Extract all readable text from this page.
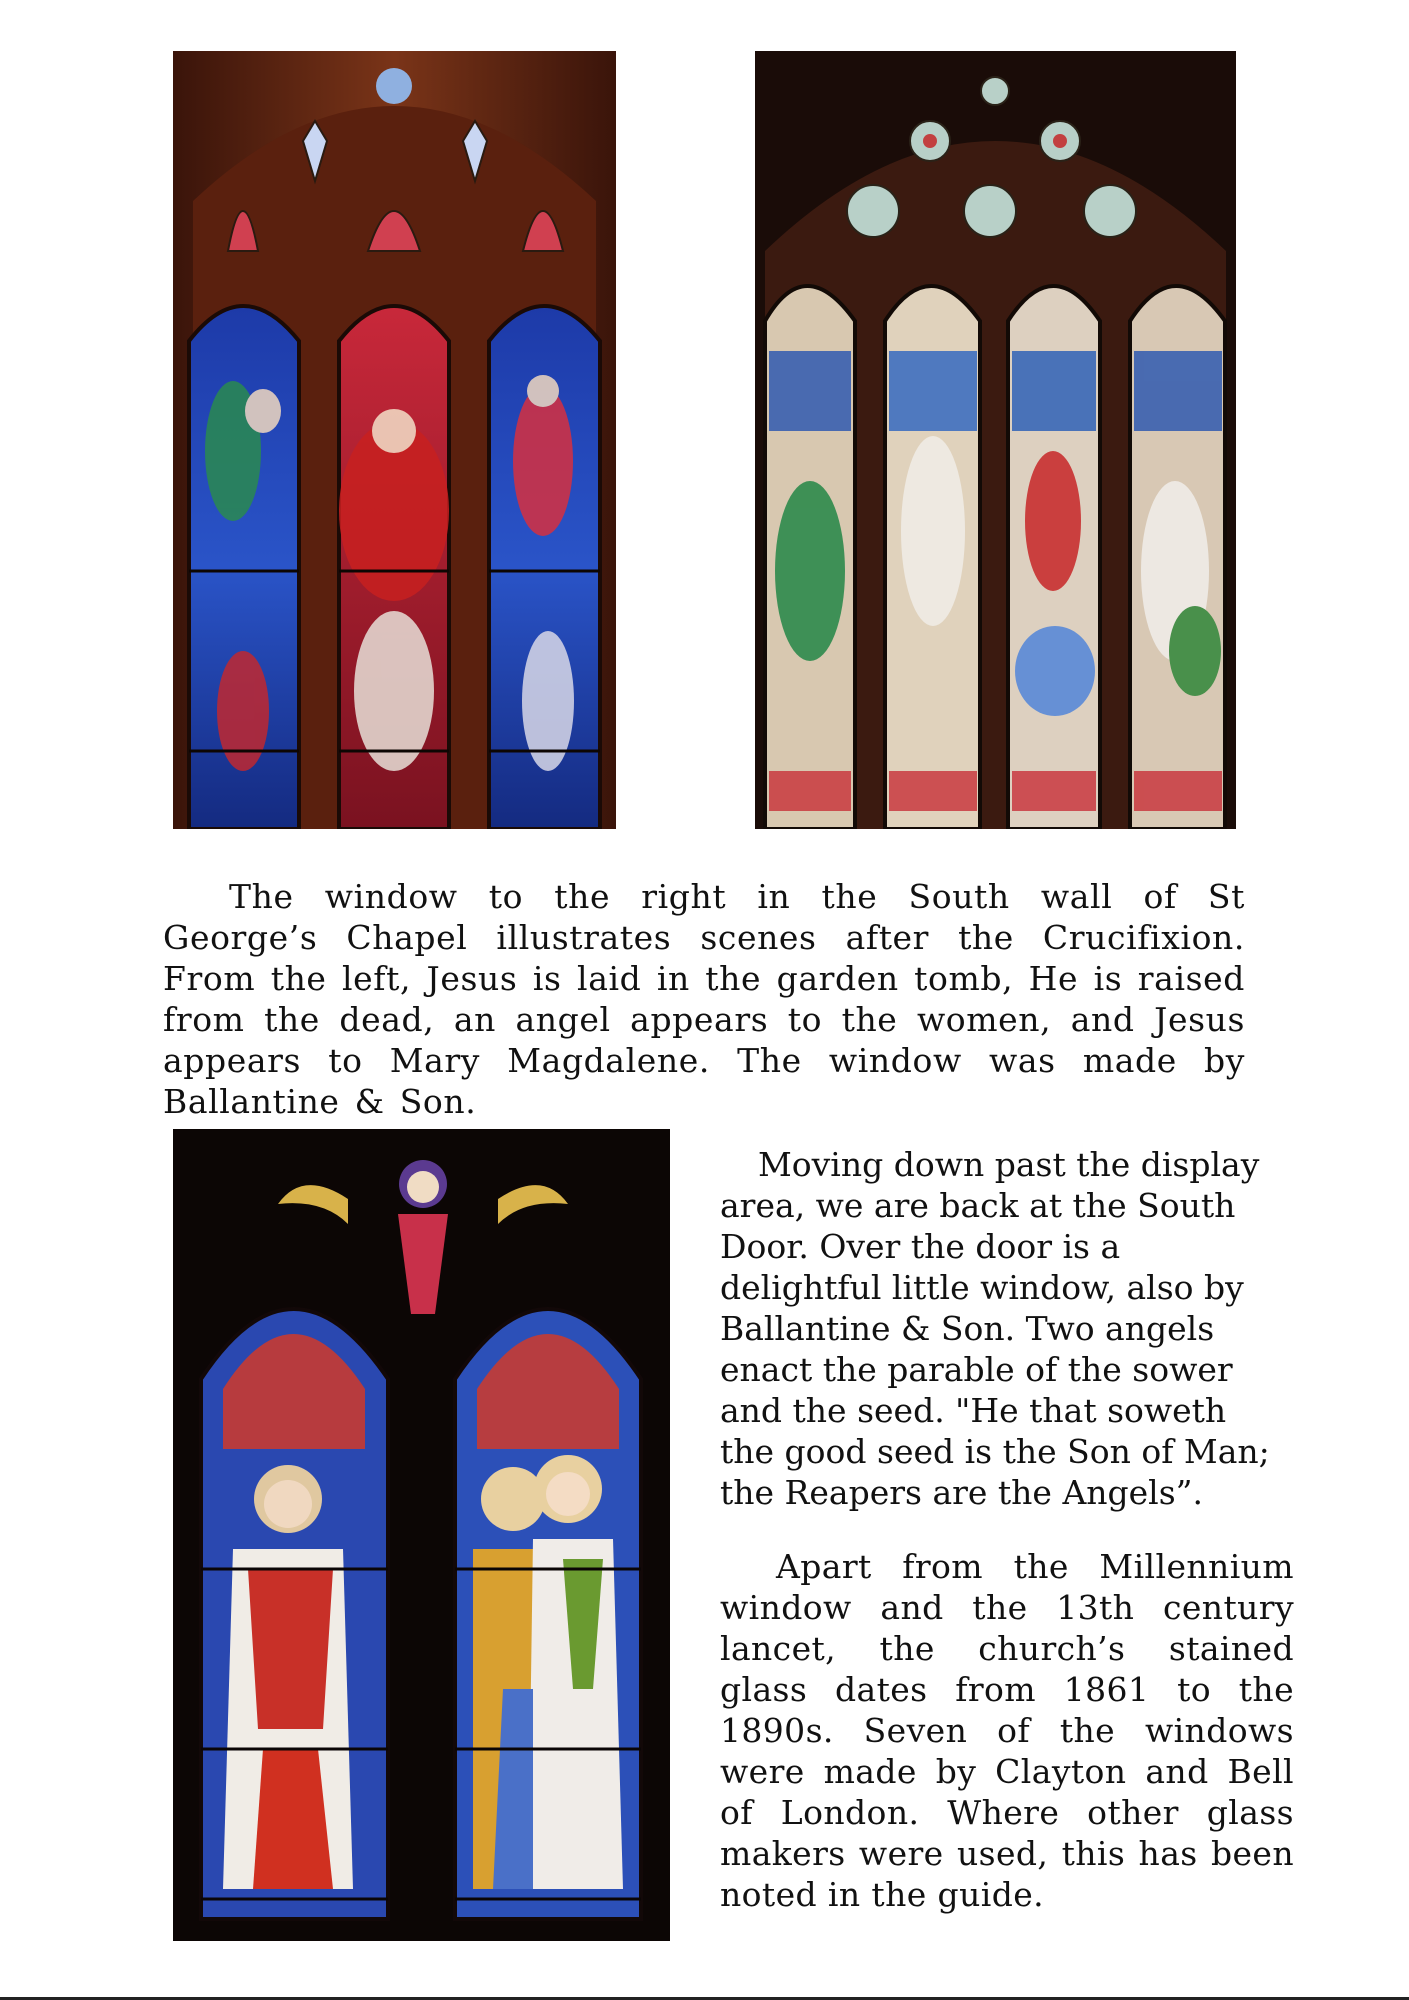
The window to the right in the South wall of St George’s Chapel illustrates scenes after the Crucifixion. From the left, Jesus is laid in the garden tomb, He is raised from the dead, an angel appears to the women, and Jesus appears to Mary Magdalene. The window was made by Ballantine & Son.

Moving down past the display area, we are back at the South Door. Over the door is a delightful little window, also by Ballantine & Son. Two angels enact the parable of the sower and the seed. "He that soweth the good seed is the Son of Man; the Reapers are the Angels”.

Apart from the Millennium window and the 13th century lancet, the church’s stained glass dates from 1861 to the 1890s. Seven of the windows were made by Clayton and Bell of London. Where other glass makers were used, this has been noted in the guide.
